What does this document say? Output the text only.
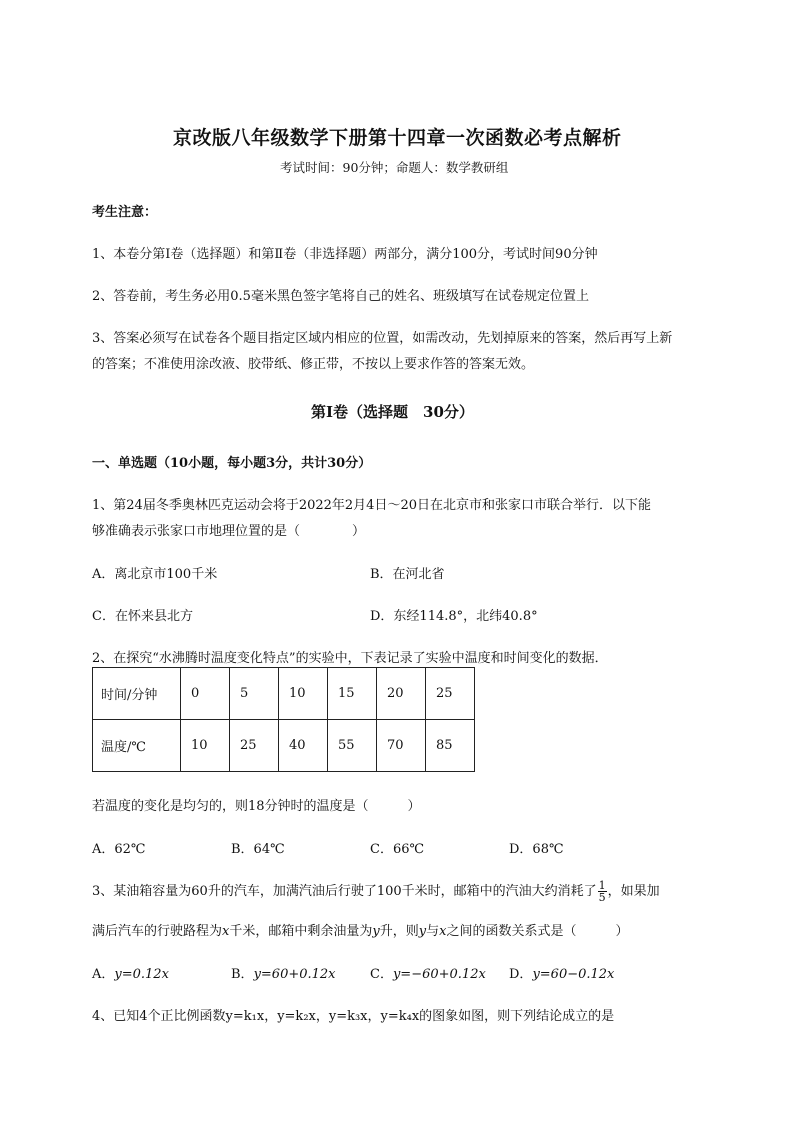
京改版八年级数学下册第十四章一次函数必考点解析
考试时间：90分钟；命题人：数学教研组
考生注意：
1、本卷分第I卷（选择题）和第Ⅱ卷（非选择题）两部分，满分100分，考试时间90分钟
2、答卷前，考生务必用0.5毫米黑色签字笔将自己的姓名、班级填写在试卷规定位置上
3、答案必须写在试卷各个题目指定区域内相应的位置，如需改动，先划掉原来的答案，然后再写上新
的答案；不准使用涂改液、胶带纸、修正带，不按以上要求作答的答案无效。
第I卷（选择题　30分）
一、单选题（10小题，每小题3分，共计30分）
1、第24届冬季奥林匹克运动会将于2022年2月4日～20日在北京市和张家口市联合举行．以下能
够准确表示张家口市地理位置的是（　　　　）
A．离北京市100千米	B．在河北省
C．在怀来县北方	D．东经114.8°，北纬40.8°
2、在探究“水沸腾时温度变化特点”的实验中，下表记录了实验中温度和时间变化的数据．
时间/分钟	0	5	10	15	20	25
温度/℃	10	25	40	55	70	85
若温度的变化是均匀的，则18分钟时的温度是（　　　）
A．62℃	B．64℃	C．66℃	D．68℃
3、某油箱容量为60升的汽车，加满汽油后行驶了100千米时，邮箱中的汽油大约消耗了 $\frac{1}{5}$ ，如果加
满后汽车的行驶路程为x千米，邮箱中剩余油量为y升，则y与x之间的函数关系式是（　　　）
A．y=0.12x	B．y=60+0.12x	C．y=−60+0.12x D．y=60−0.12x
4、已知4个正比例函数y=k₁x，y=k₂x，y=k₃x，y=k₄x的图象如图，则下列结论成立的是
